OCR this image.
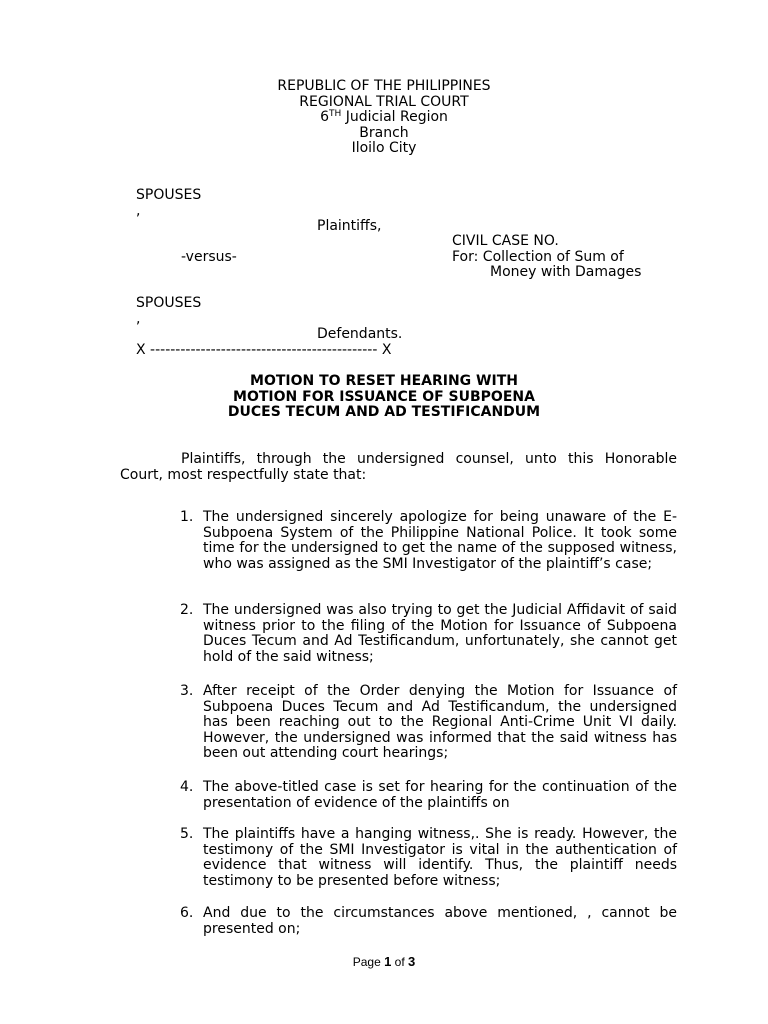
REPUBLIC OF THE PHILIPPINES
REGIONAL TRIAL COURT
6TH Judicial Region
Branch
Iloilo City
SPOUSES
,
Plaintiffs,
CIVIL CASE NO.
-versus-	For: Collection of Sum of
Money with Damages
SPOUSES
,
Defendants.
X --------------------------------------------- X
MOTION TO RESET HEARING WITH
MOTION FOR ISSUANCE OF SUBPOENA
DUCES TECUM AND AD TESTIFICANDUM
Plaintiffs, through the undersigned counsel, unto this Honorable Court, most respectfully state that:
1. The undersigned sincerely apologize for being unaware of the E-Subpoena System of the Philippine National Police. It took some time for the undersigned to get the name of the supposed witness, who was assigned as the SMI Investigator of the plaintiff’s case;
2. The undersigned was also trying to get the Judicial Affidavit of said witness prior to the filing of the Motion for Issuance of Subpoena Duces Tecum and Ad Testificandum, unfortunately, she cannot get hold of the said witness;
3. After receipt of the Order denying the Motion for Issuance of Subpoena Duces Tecum and Ad Testificandum, the undersigned has been reaching out to the Regional Anti-Crime Unit VI daily. However, the undersigned was informed that the said witness has been out attending court hearings;
4. The above-titled case is set for hearing for the continuation of the presentation of evidence of the plaintiffs on
5. The plaintiffs have a hanging witness,. She is ready. However, the testimony of the SMI Investigator is vital in the authentication of evidence that witness will identify. Thus, the plaintiff needs testimony to be presented before witness;
6. And due to the circumstances above mentioned, , cannot be presented on;
Page 1 of 3
